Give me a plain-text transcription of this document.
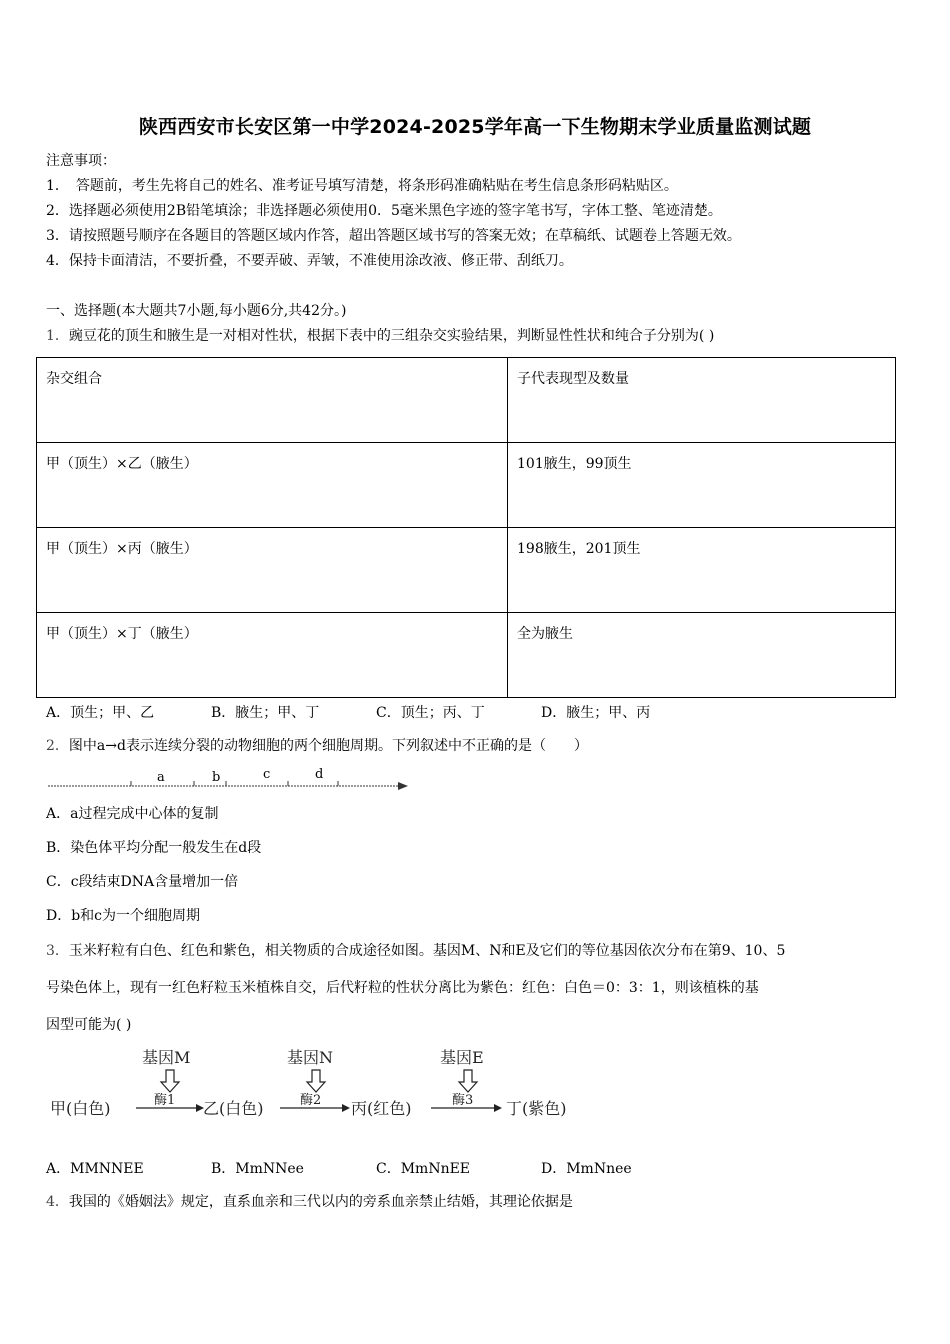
陕西西安市长安区第一中学2024-2025学年高一下生物期末学业质量监测试题
注意事项：
1．　答题前，考生先将自己的姓名、准考证号填写清楚，将条形码准确粘贴在考生信息条形码粘贴区。
2．选择题必须使用2B铅笔填涂；非选择题必须使用0．5毫米黑色字迹的签字笔书写，字体工整、笔迹清楚。
3．请按照题号顺序在各题目的答题区域内作答，超出答题区域书写的答案无效；在草稿纸、试题卷上答题无效。
4．保持卡面清洁，不要折叠，不要弄破、弄皱，不准使用涂改液、修正带、刮纸刀。
一、选择题(本大题共7小题,每小题6分,共42分。)
1．豌豆花的顶生和腋生是一对相对性状，根据下表中的三组杂交实验结果，判断显性性状和纯合子分别为( )
杂交组合	子代表现型及数量
甲（顶生）×乙（腋生）	101腋生，99顶生
甲（顶生）×丙（腋生）	198腋生，201顶生
甲（顶生）×丁（腋生）	全为腋生
A．顶生；甲、乙	B．腋生；甲、丁	C．顶生；丙、丁	D．腋生；甲、丙
2．图中a→d表示连续分裂的动物细胞的两个细胞周期。下列叙述中不正确的是（　　）
a	b	c	d
A．a过程完成中心体的复制
B．染色体平均分配一般发生在d段
C．c段结束DNA含量增加一倍
D．b和c为一个细胞周期
3．玉米籽粒有白色、红色和紫色，相关物质的合成途径如图。基因M、N和E及它们的等位基因依次分布在第9、10、5
号染色体上，现有一红色籽粒玉米植株自交，后代籽粒的性状分离比为紫色：红色：白色＝0：3：1，则该植株的基
因型可能为( )
基因M	基因N	基因E
酶1	酶2	酶3
甲(白色)	乙(白色)	丙(红色)	丁(紫色)
A．MMNNEE	B．MmNNee	C．MmNnEE	D．MmNnee
4．我国的《婚姻法》规定，直系血亲和三代以内的旁系血亲禁止结婚，其理论依据是
